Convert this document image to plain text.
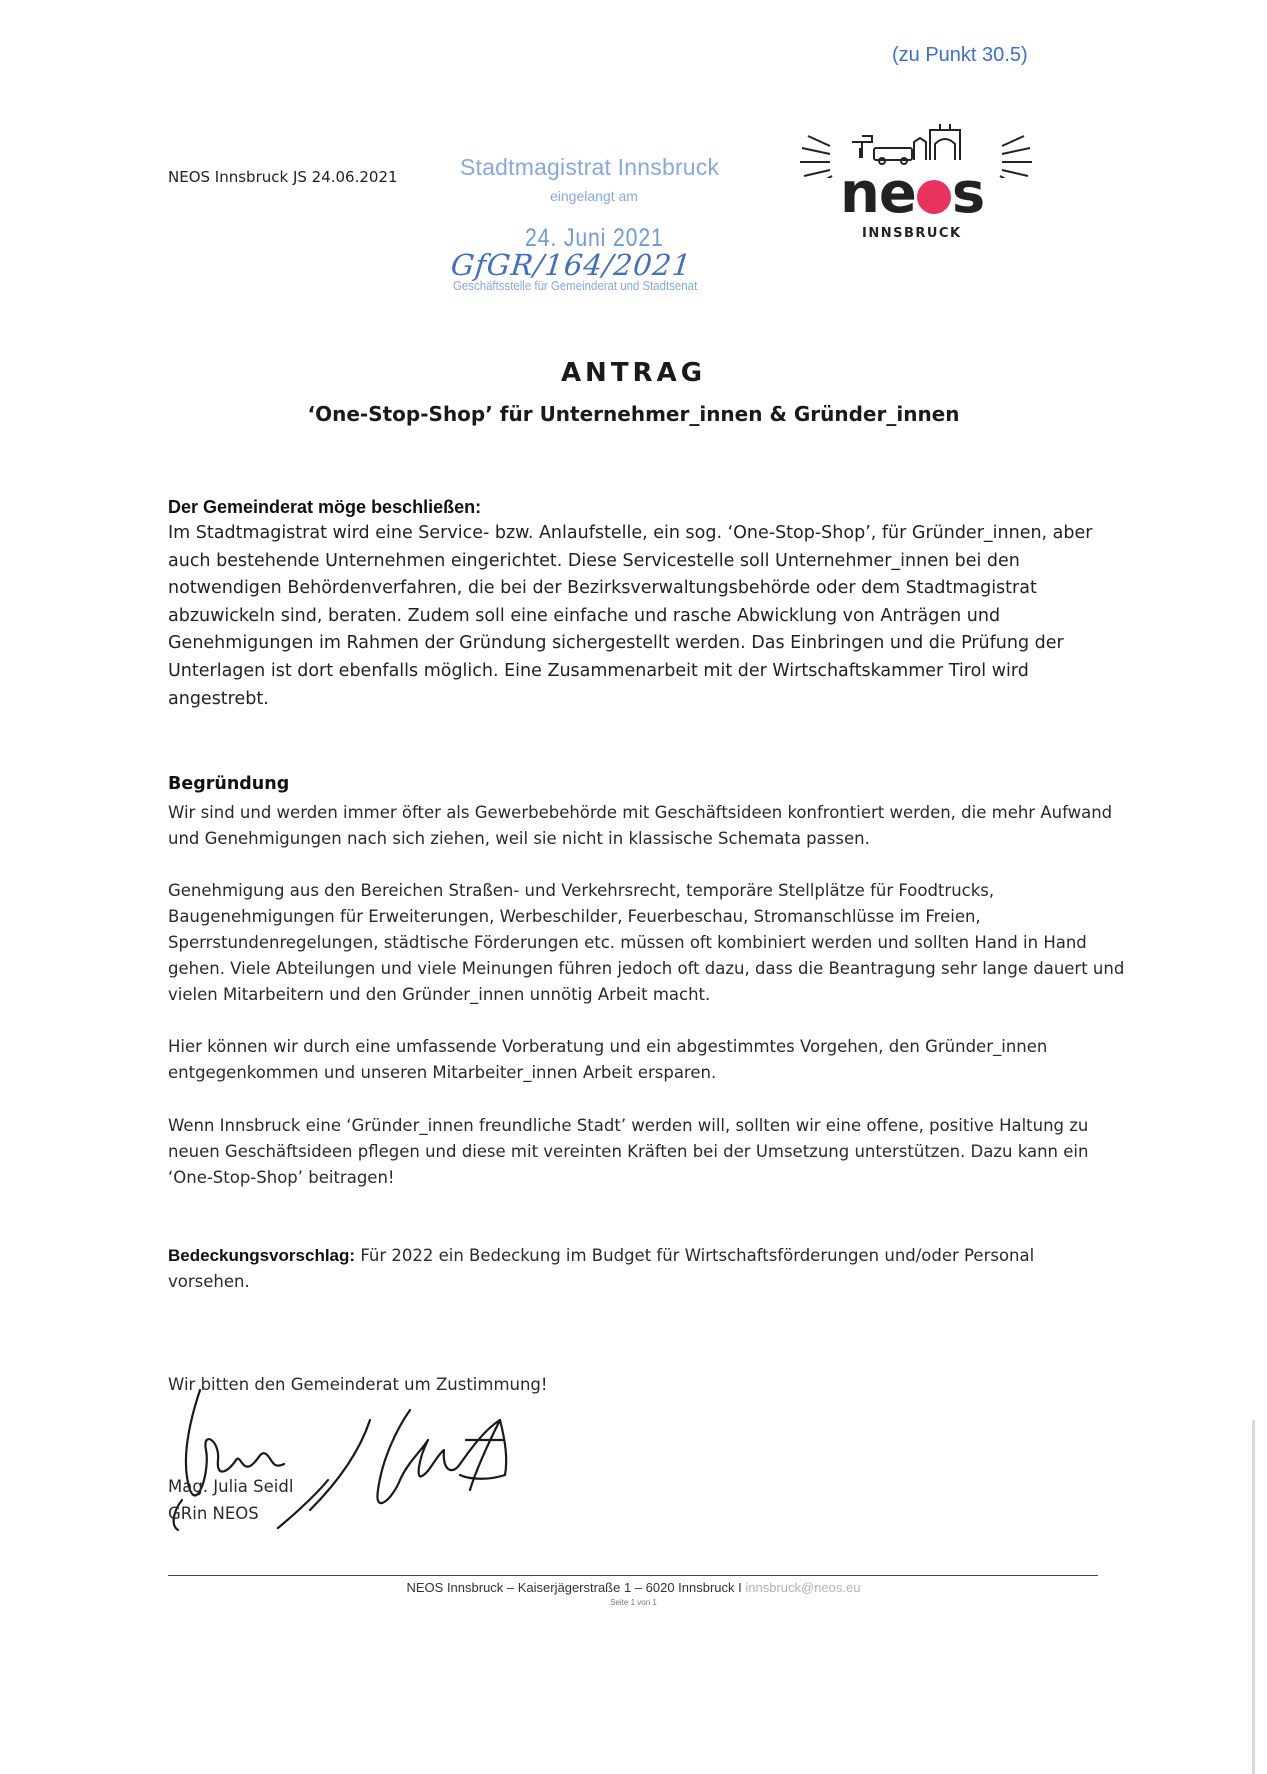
(zu Punkt 30.5)
NEOS Innsbruck JS 24.06.2021	Stadtmagistrat Innsbruck
eingelangt am
24. Juni 2021
GfGR/164/2021
Geschäftsstelle für Gemeinderat und Stadtsenat
ne s
INNSBRUCK
ANTRAG
‘One-Stop-Shop’ für Unternehmer_innen & Gründer_innen
Der Gemeinderat möge beschließen:
Im Stadtmagistrat wird eine Service- bzw. Anlaufstelle, ein sog. ‘One-Stop-Shop’, für Gründer_innen, aber auch bestehende Unternehmen eingerichtet. Diese Servicestelle soll Unternehmer_innen bei den notwendigen Behördenverfahren, die bei der Bezirksverwaltungsbehörde oder dem Stadtmagistrat abzuwickeln sind, beraten. Zudem soll eine einfache und rasche Abwicklung von Anträgen und Genehmigungen im Rahmen der Gründung sichergestellt werden. Das Einbringen und die Prüfung der Unterlagen ist dort ebenfalls möglich. Eine Zusammenarbeit mit der Wirtschaftskammer Tirol wird angestrebt.
Begründung
Wir sind und werden immer öfter als Gewerbebehörde mit Geschäftsideen konfrontiert werden, die mehr Aufwand und Genehmigungen nach sich ziehen, weil sie nicht in klassische Schemata passen.
Genehmigung aus den Bereichen Straßen- und Verkehrsrecht, temporäre Stellplätze für Foodtrucks, Baugenehmigungen für Erweiterungen, Werbeschilder, Feuerbeschau, Stromanschlüsse im Freien, Sperrstundenregelungen, städtische Förderungen etc. müssen oft kombiniert werden und sollten Hand in Hand gehen. Viele Abteilungen und viele Meinungen führen jedoch oft dazu, dass die Beantragung sehr lange dauert und vielen Mitarbeitern und den Gründer_innen unnötig Arbeit macht.
Hier können wir durch eine umfassende Vorberatung und ein abgestimmtes Vorgehen, den Gründer_innen entgegenkommen und unseren Mitarbeiter_innen Arbeit ersparen.
Wenn Innsbruck eine ‘Gründer_innen freundliche Stadt’ werden will, sollten wir eine offene, positive Haltung zu neuen Geschäftsideen pflegen und diese mit vereinten Kräften bei der Umsetzung unterstützen. Dazu kann ein ‘One-Stop-Shop’ beitragen!
Bedeckungsvorschlag: Für 2022 ein Bedeckung im Budget für Wirtschaftsförderungen und/oder Personal vorsehen.
Wir bitten den Gemeinderat um Zustimmung!
Mag. Julia Seidl
GRin NEOS
NEOS Innsbruck – Kaiserjägerstraße 1 – 6020 Innsbruck I innsbruck@neos.eu
Seite 1 von 1
